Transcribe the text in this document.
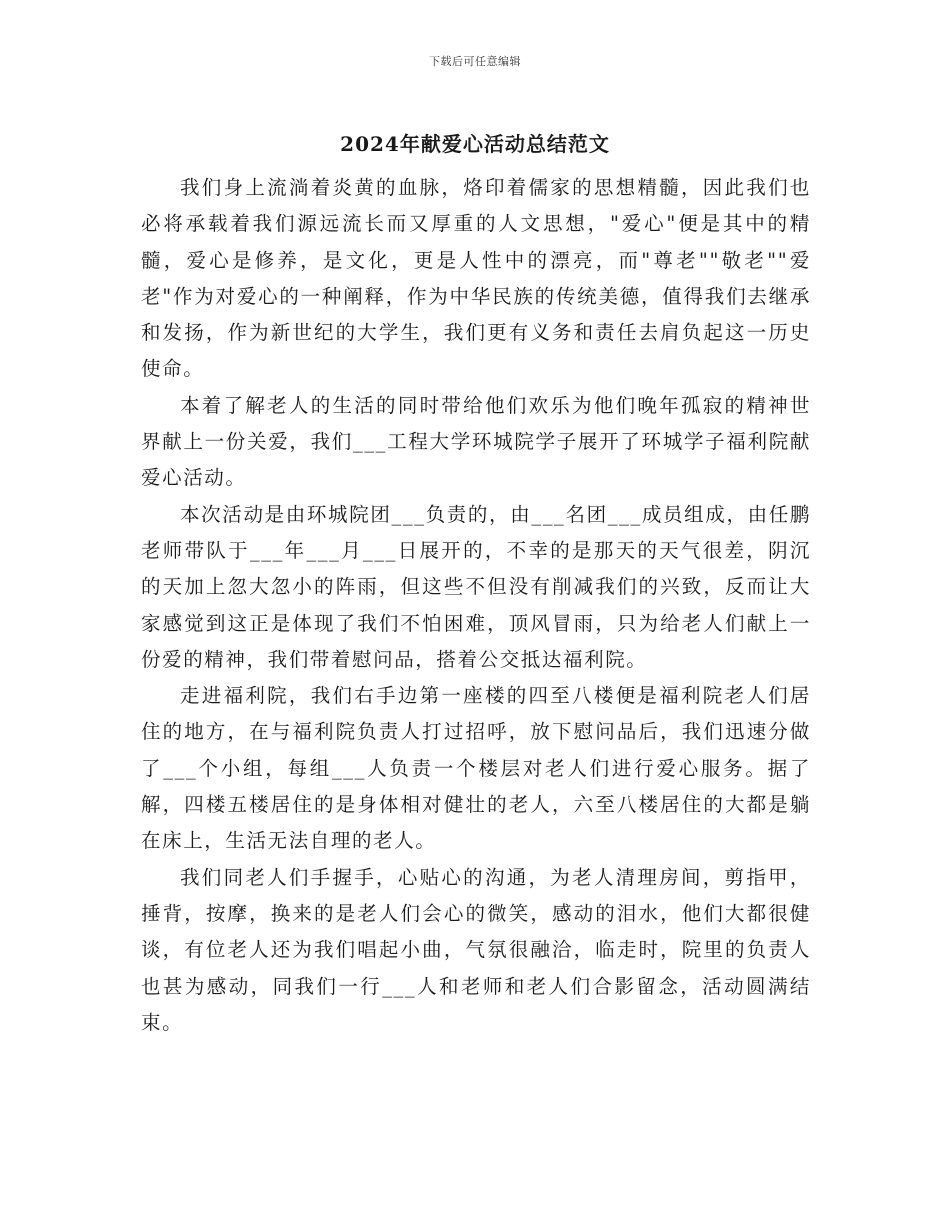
下载后可任意编辑
2024年献爱心活动总结范文

我们身上流淌着炎黄的血脉，烙印着儒家的思想精髓，因此我们也必将承载着我们源远流长而又厚重的人文思想，"爱心"便是其中的精髓，爱心是修养，是文化，更是人性中的漂亮，而"尊老""敬老""爱老"作为对爱心的一种阐释，作为中华民族的传统美德，值得我们去继承和发扬，作为新世纪的大学生，我们更有义务和责任去肩负起这一历史使命。

本着了解老人的生活的同时带给他们欢乐为他们晚年孤寂的精神世界献上一份关爱，我们___工程大学环城院学子展开了环城学子福利院献爱心活动。

本次活动是由环城院团___负责的，由___名团___成员组成，由任鹏老师带队于___年___月___日展开的，不幸的是那天的天气很差，阴沉的天加上忽大忽小的阵雨，但这些不但没有削减我们的兴致，反而让大家感觉到这正是体现了我们不怕困难，顶风冒雨，只为给老人们献上一份爱的精神，我们带着慰问品，搭着公交抵达福利院。

走进福利院，我们右手边第一座楼的四至八楼便是福利院老人们居住的地方，在与福利院负责人打过招呼，放下慰问品后，我们迅速分做了___个小组，每组___人负责一个楼层对老人们进行爱心服务。据了解，四楼五楼居住的是身体相对健壮的老人，六至八楼居住的大都是躺在床上，生活无法自理的老人。

我们同老人们手握手，心贴心的沟通，为老人清理房间，剪指甲，捶背，按摩，换来的是老人们会心的微笑，感动的泪水，他们大都很健谈，有位老人还为我们唱起小曲，气氛很融洽，临走时，院里的负责人也甚为感动，同我们一行___人和老师和老人们合影留念，活动圆满结束。
